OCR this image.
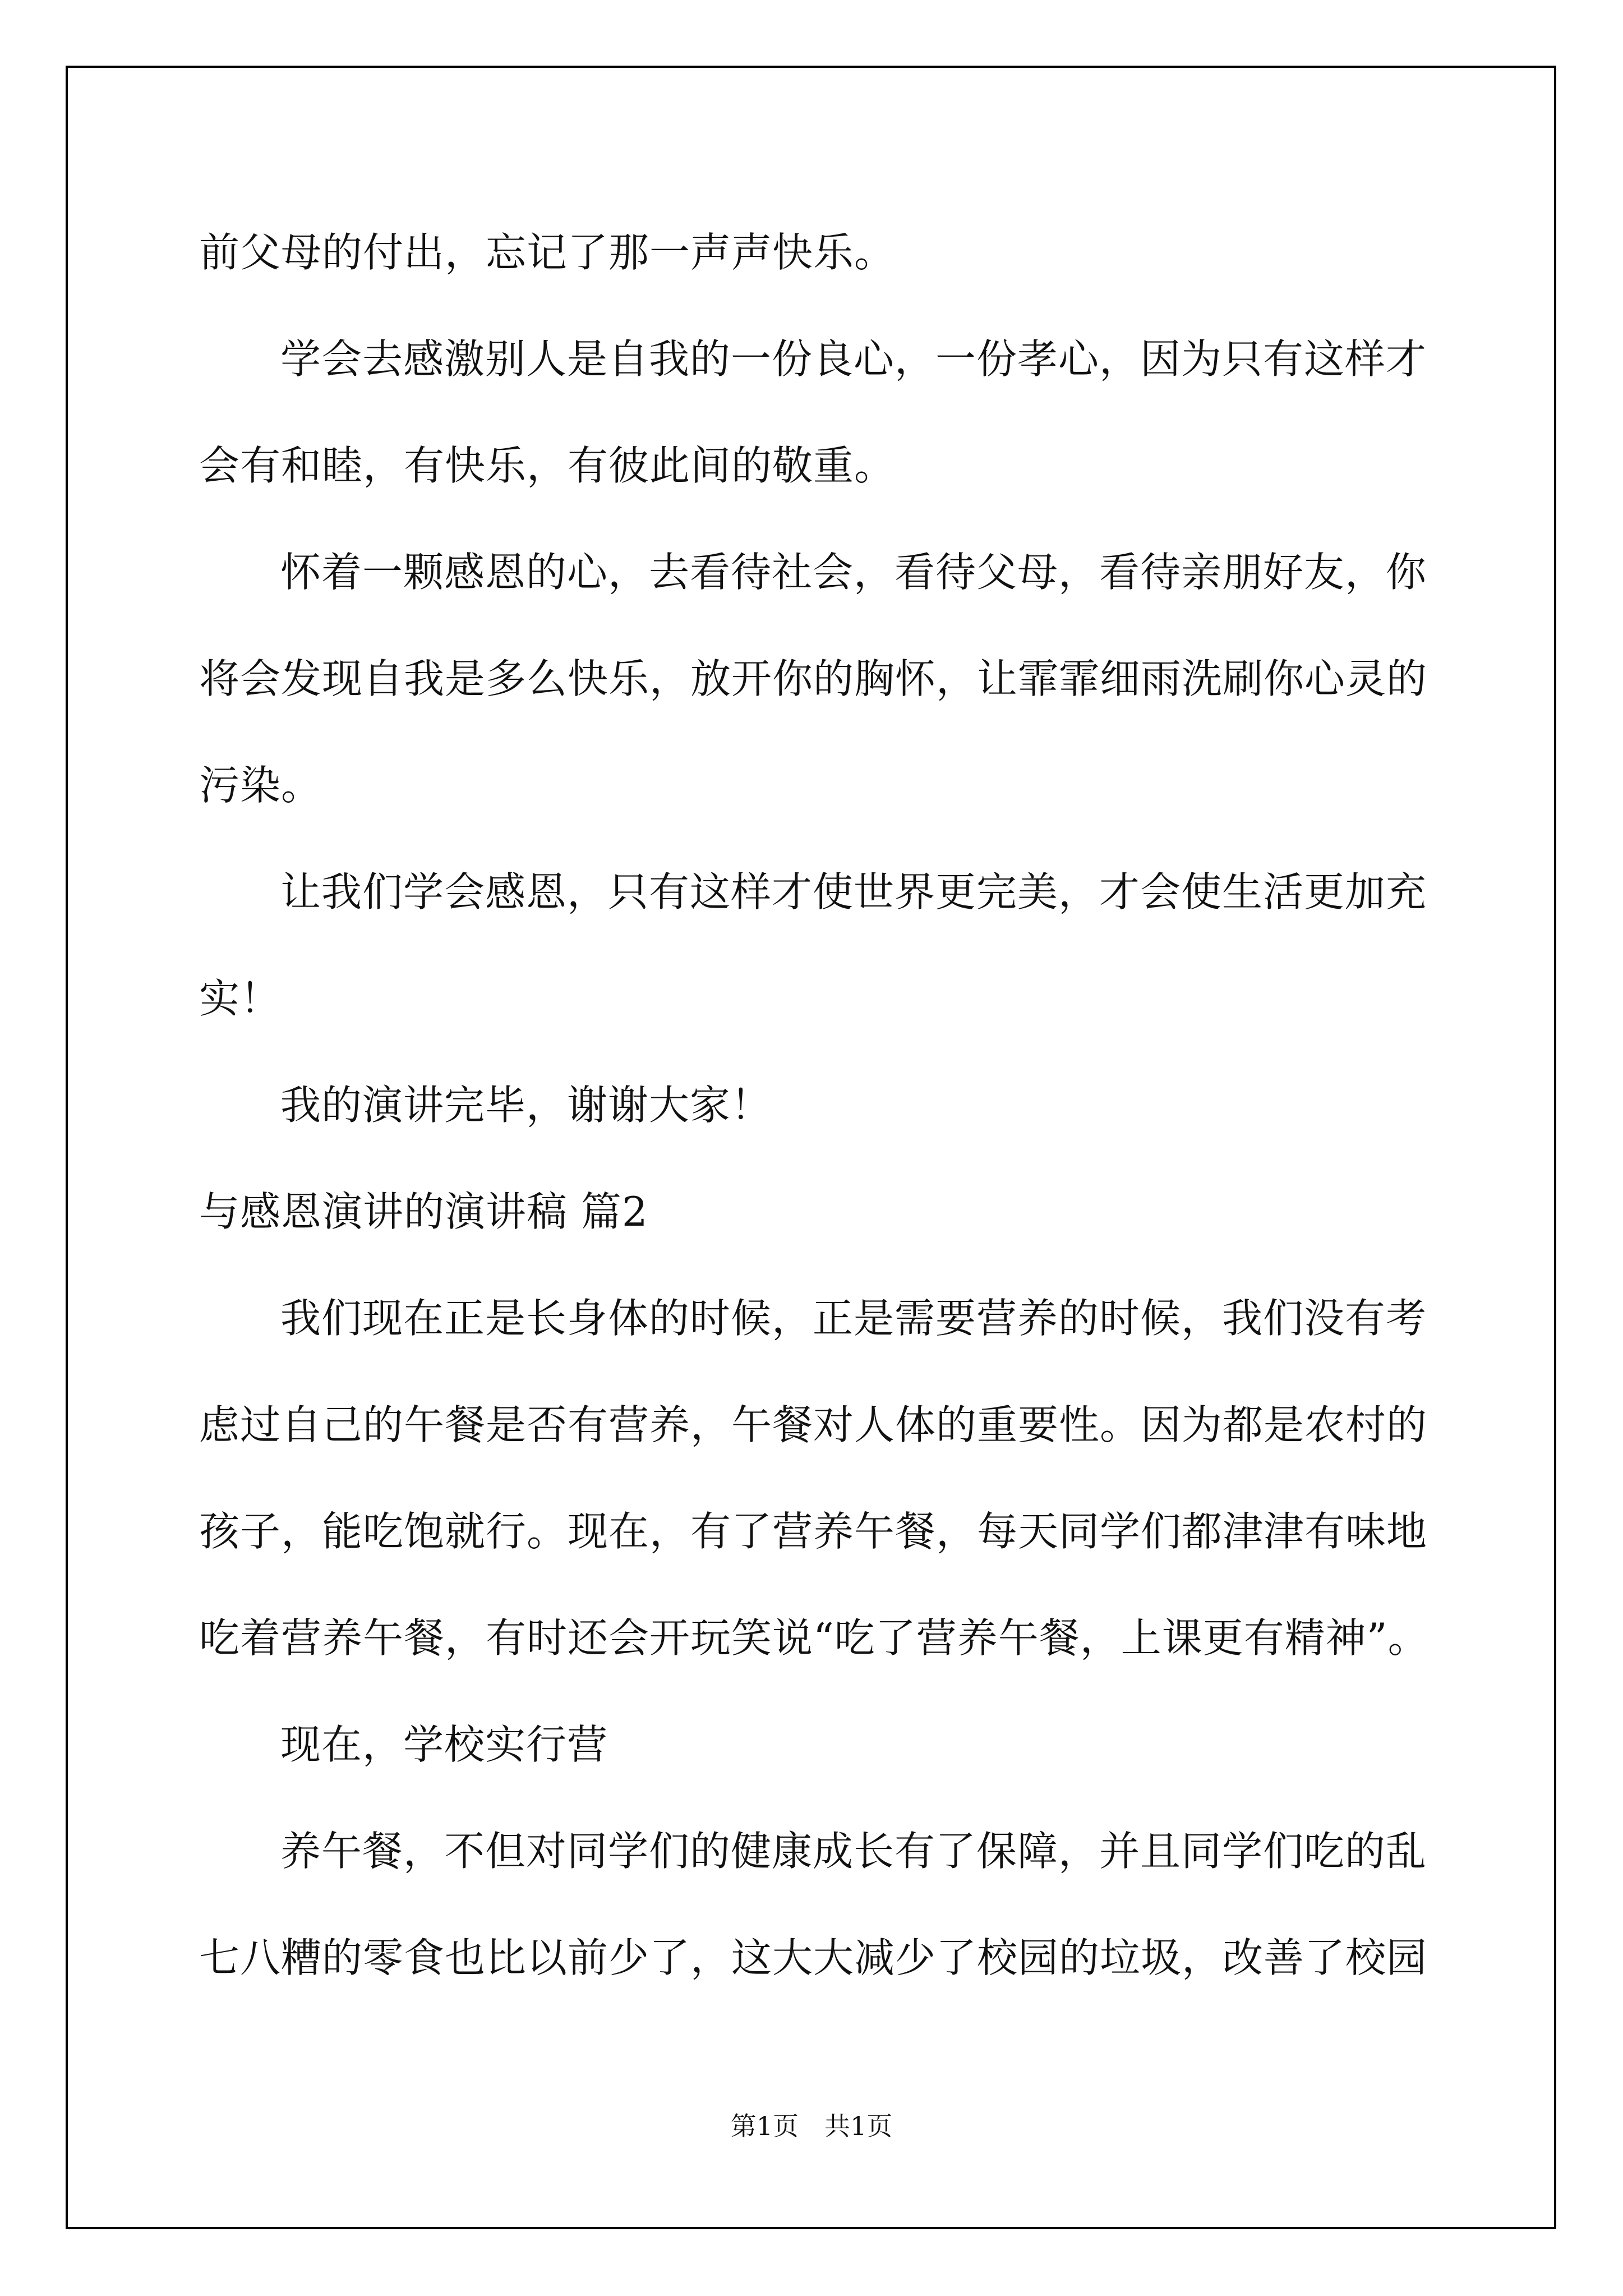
前父母的付出，忘记了那一声声快乐。
学会去感激别人是自我的一份良心，一份孝心，因为只有这样才
会有和睦，有快乐，有彼此间的敬重。
怀着一颗感恩的心，去看待社会，看待父母，看待亲朋好友，你
将会发现自我是多么快乐，放开你的胸怀，让霏霏细雨洗刷你心灵的
污染。
让我们学会感恩，只有这样才使世界更完美，才会使生活更加充
实！
我的演讲完毕，谢谢大家！
与感恩演讲的演讲稿 篇2
我们现在正是长身体的时候，正是需要营养的时候，我们没有考
虑过自己的午餐是否有营养，午餐对人体的重要性。因为都是农村的
孩子，能吃饱就行。现在，有了营养午餐，每天同学们都津津有味地
吃着营养午餐，有时还会开玩笑说“吃了营养午餐，上课更有精神”。
现在，学校实行营
养午餐，不但对同学们的健康成长有了保障，并且同学们吃的乱
七八糟的零食也比以前少了，这大大减少了校园的垃圾，改善了校园
第1页　共1页
